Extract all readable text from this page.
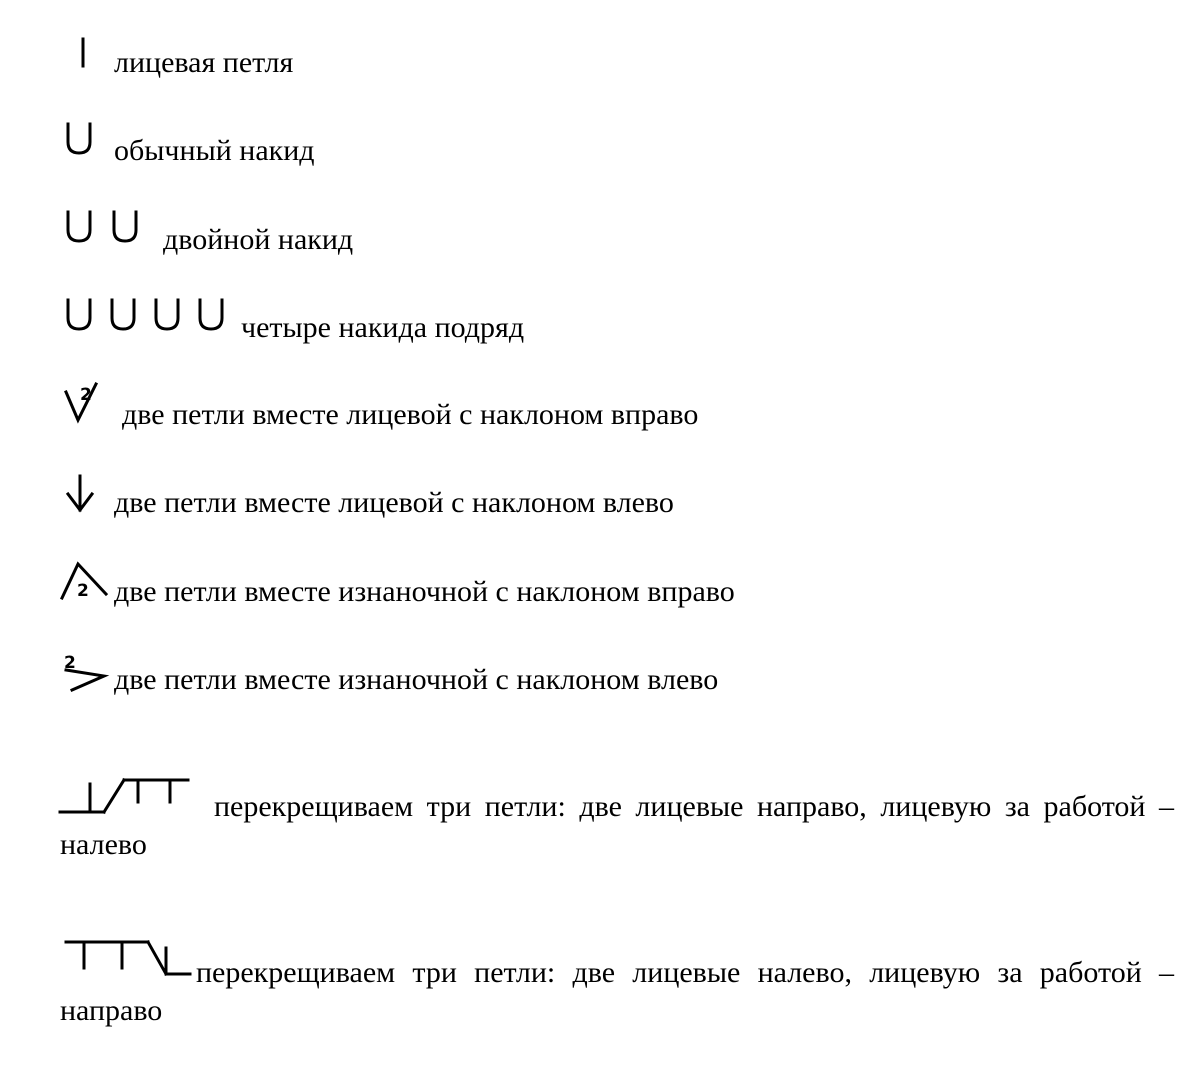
лицевая петля
обычный накид
двойной накид
четыре накида подряд
2
две петли вместе лицевой с наклоном вправо
две петли вместе лицевой с наклоном влево
2 две петли вместе изнаночной с наклоном вправо
2 две петли вместе изнаночной с наклоном влево
перекрещиваем три петли: две лицевые направо, лицевую за работой – налево
перекрещиваем три петли: две лицевые налево, лицевую за работой – направо
